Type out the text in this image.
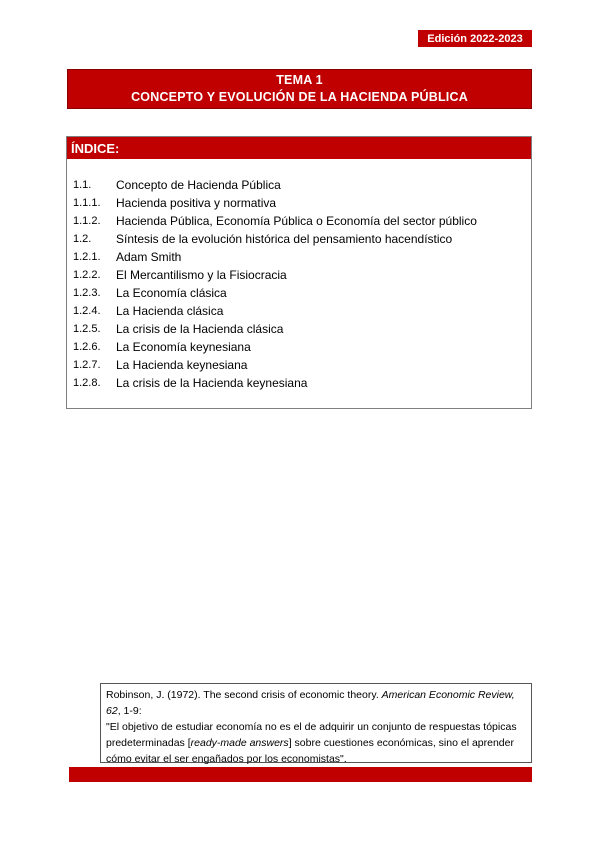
Edición 2022-2023
TEMA 1
CONCEPTO Y EVOLUCIÓN DE LA HACIENDA PÚBLICA
ÍNDICE:
1.1.	Concepto de Hacienda Pública
1.1.1.	Hacienda positiva y normativa
1.1.2.	Hacienda Pública, Economía Pública o Economía del sector público
1.2.	Síntesis de la evolución histórica del pensamiento hacendístico
1.2.1.	Adam Smith
1.2.2.	El Mercantilismo y la Fisiocracia
1.2.3.	La Economía clásica
1.2.4.	La Hacienda clásica
1.2.5.	La crisis de la Hacienda clásica
1.2.6.	La Economía keynesiana
1.2.7.	La Hacienda keynesiana
1.2.8.	La crisis de la Hacienda keynesiana

Robinson, J. (1972). The second crisis of economic theory. American Economic Review, 62, 1-9:

"El objetivo de estudiar economía no es el de adquirir un conjunto de respuestas tópicas predeterminadas [ready-made answers] sobre cuestiones económicas, sino el aprender cómo evitar el ser engañados por los economistas".
